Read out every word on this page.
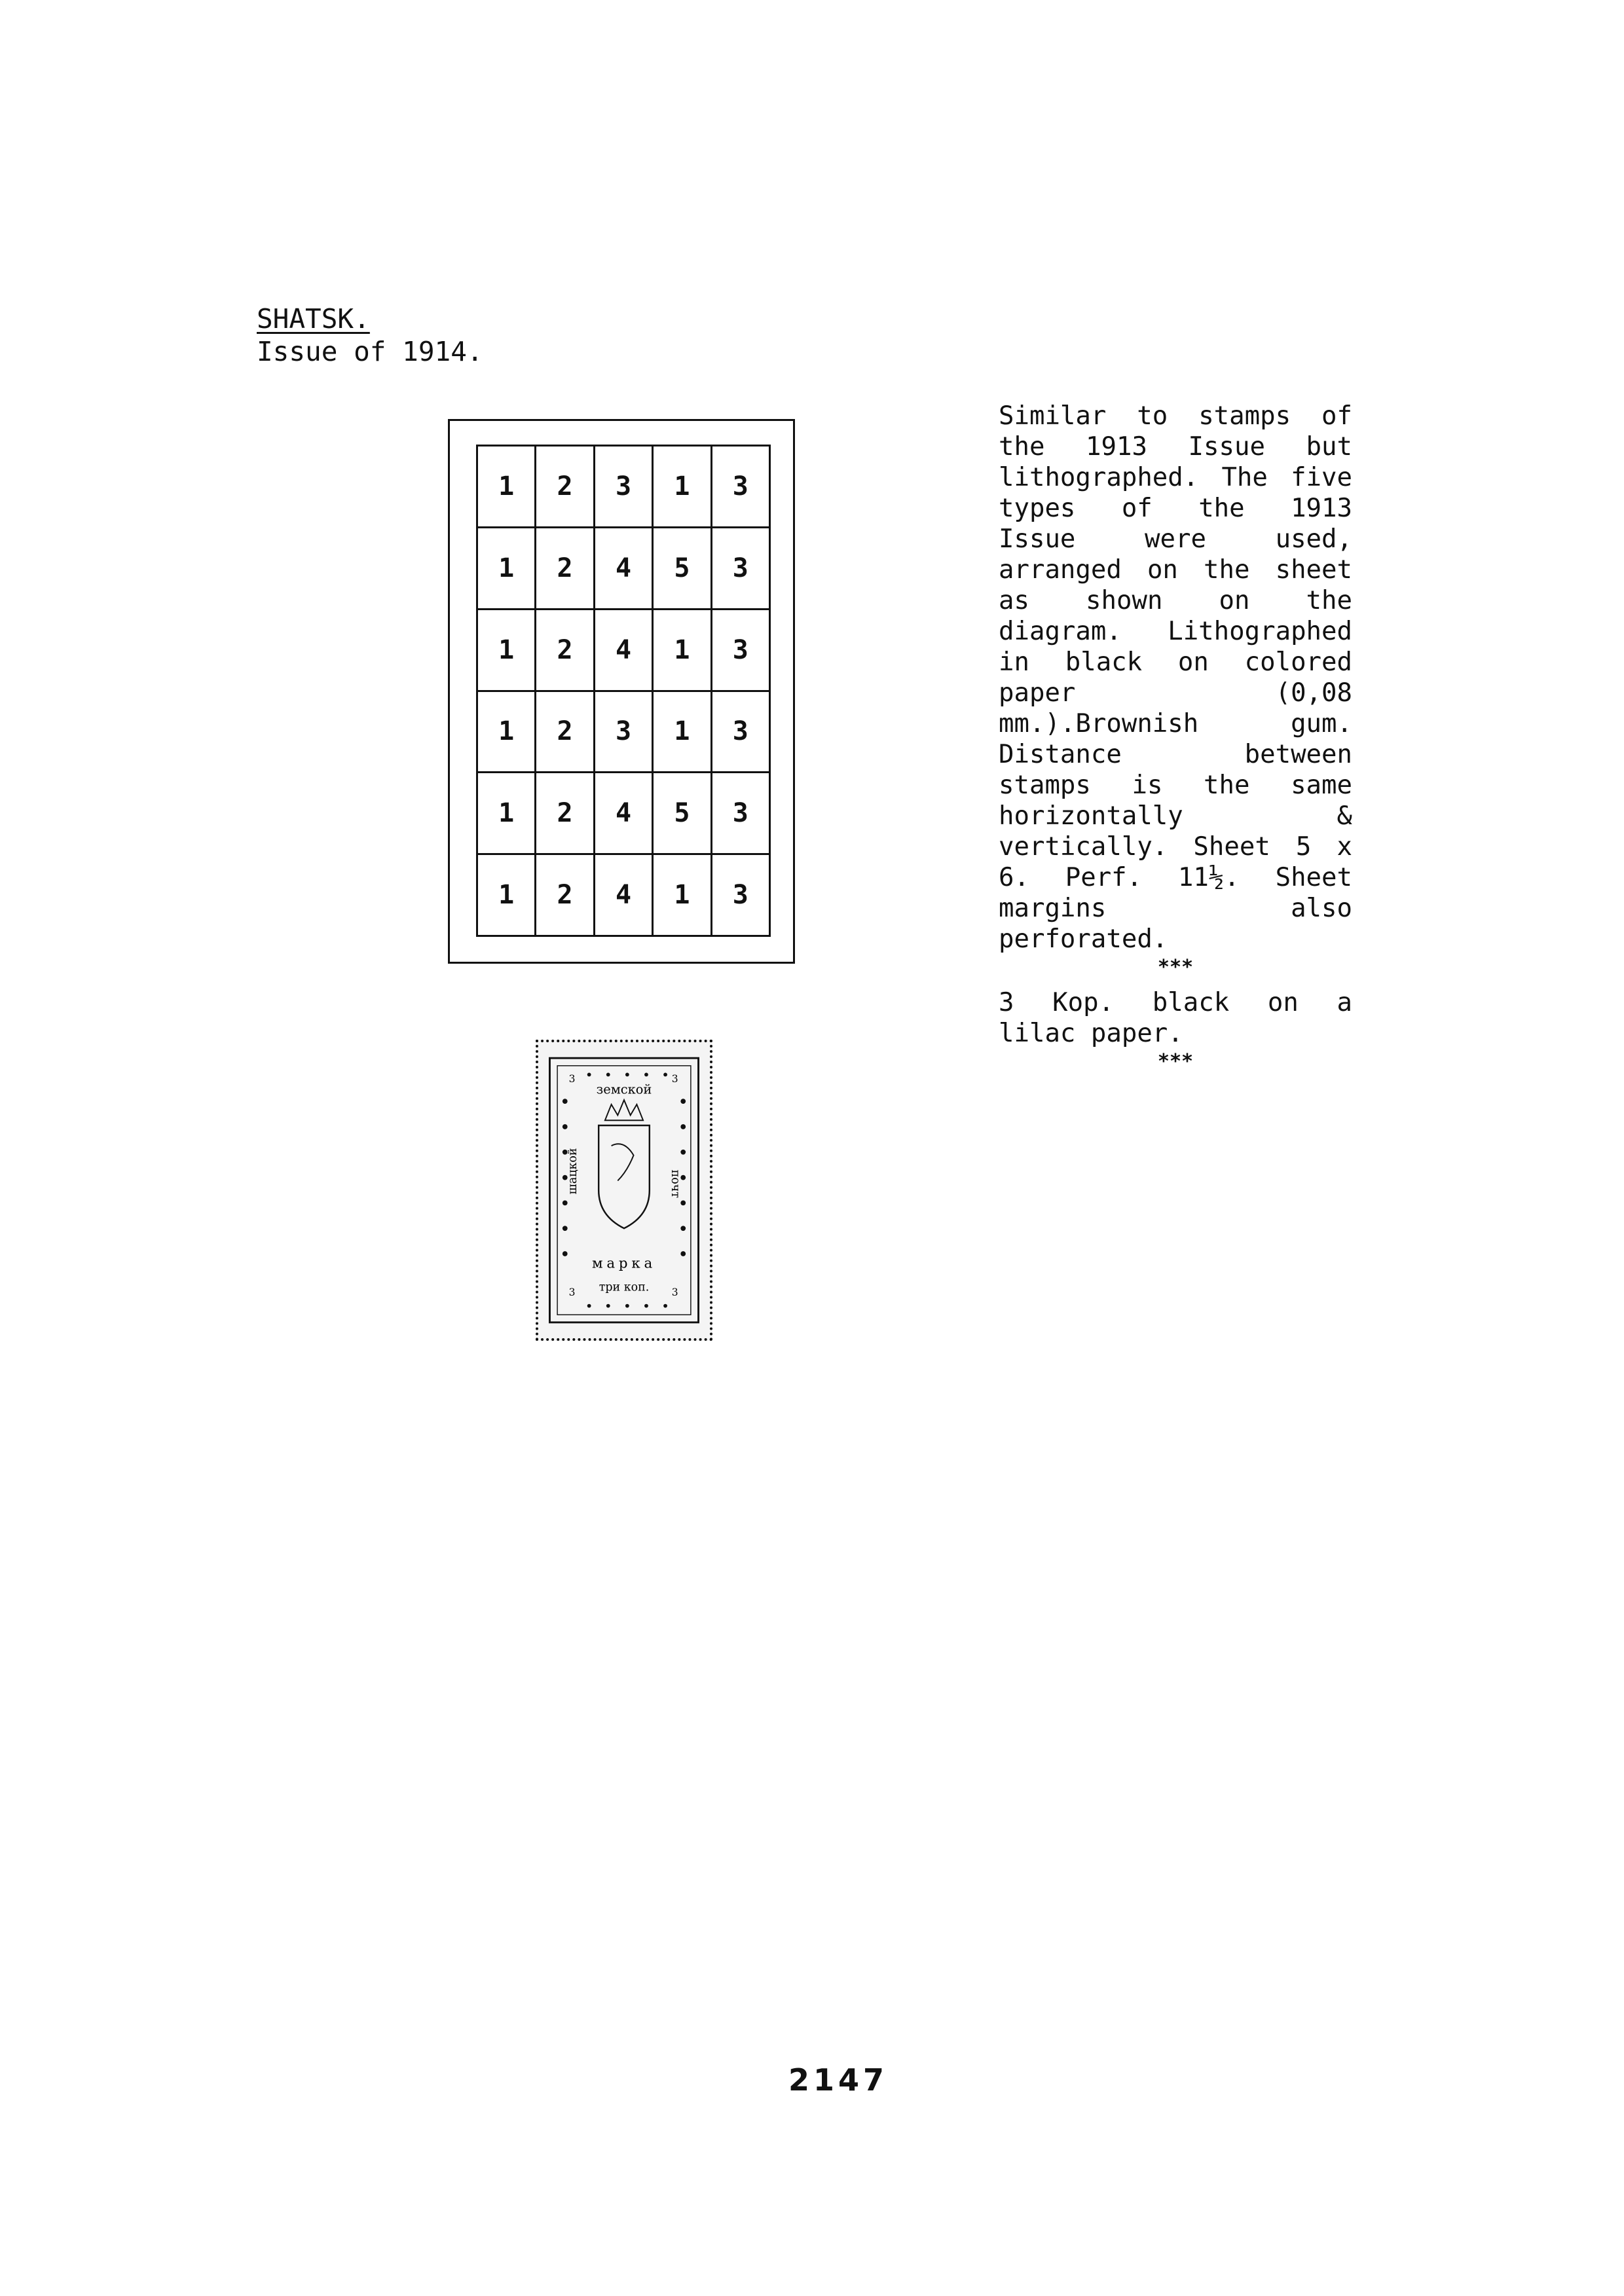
SHATSK.
Issue of 1914.
1	2	3	1	3
1	2	4	5	3
1	2	4	1	3
1	2	3	1	3
1	2	4	5	3
1	2	4	1	3
земской
шацкой	почт
марка
три коп.
3	3
3	3

Similar to stamps of the 1913 Issue but lithographed. The five types of the 1913 Issue were used, arranged on the sheet as shown on the diagram. Lithographed in black on colored paper (0,08 mm.).Brownish gum. Distance between stamps is the same horizontally & vertically. Sheet 5 x 6. Perf. 11½. Sheet margins also perforated.

***

3 Kop. black on a lilac paper.

***

2147
